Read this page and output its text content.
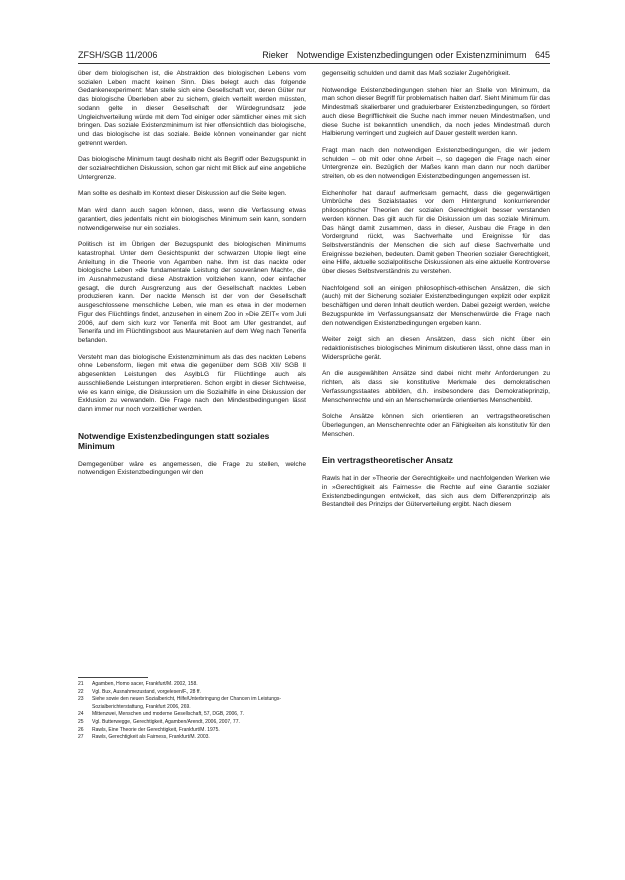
ZFSH/SGB 11/2006	Rieker Notwendige Existenzbedingungen oder Existenzminimum 645

über dem biologischen ist, die Abstraktion des biologischen Lebens vom sozialen Leben macht keinen Sinn. Dies belegt auch das folgende Gedankenexperiment: Man stelle sich eine Gesellschaft vor, deren Güter nur das biologische Überleben aber zu sichern, gleich verteilt werden müssten, sodann gelte in dieser Gesellschaft der Würdegrundsatz jede Ungleichverteilung würde mit dem Tod einiger oder sämtlicher eines mit sich bringen. Das soziale Existenzminimum ist hier offensichtlich das biologische, und das biologische ist das soziale. Beide können voneinander gar nicht getrennt werden.

Das biologische Minimum taugt deshalb nicht als Begriff oder Bezugspunkt in der sozialrechtlichen Diskussion, schon gar nicht mit Blick auf eine angebliche Untergrenze.

Man sollte es deshalb im Kontext dieser Diskussion auf die Seite legen.

Man wird dann auch sagen können, dass, wenn die Verfassung etwas garantiert, dies jedenfalls nicht ein biologisches Minimum sein kann, sondern notwendigerweise nur ein soziales.

Politisch ist im Übrigen der Bezugspunkt des biologischen Minimums katastrophal. Unter dem Gesichtspunkt der schwarzen Utopie liegt eine Anleitung in die Theorie von Agamben nahe. Ihm ist das nackte oder biologische Leben »die fundamentale Leistung der souveränen Macht«, die im Ausnahmezustand diese Abstraktion vollziehen kann, oder einfacher gesagt, die durch Ausgrenzung aus der Gesellschaft nacktes Leben produzieren kann. Der nackte Mensch ist der von der Gesellschaft ausgeschlossene menschliche Leben, wie man es etwa in der modernen Figur des Flüchtlings findet, anzusehen in einem Zoo in »Die ZEIT« vom Juli 2006, auf dem sich kurz vor Tenerifa mit Boot am Ufer gestrandet, auf Tenerifa und im Flüchtlingsboot aus Mauretanien auf dem Weg nach Tenerifa befanden.

Versteht man das biologische Existenzminimum als das des nackten Lebens ohne Lebensform, liegen mit etwa die gegenüber dem SGB XII/ SGB II abgesenkten Leistungen des AsylbLG für Flüchtlinge auch als ausschließende Leistungen interpretieren. Schon ergibt in dieser Sichtweise, wie es kann einige, die Diskussion um die Sozialhilfe in eine Diskussion der Exklusion zu verwandeln. Die Frage nach den Mindestbedingungen lässt dann immer nur noch vorzeitlicher werden.

Notwendige Existenzbedingungen statt soziales Minimum

Demgegenüber wäre es angemessen, die Frage zu stellen, welche notwendigen Existenzbedingungen wir den

21	Agamben, Homo sacer, Frankfurt/M. 2002, 158.
22	Vgl. Bux, Ausnahmezustand, vorgelesen/F., 28 ff.
23	Siehe sowie den neuen Sozialbericht, Hilfe/Unterbringung der Chancen im Leistungs-Sozialberichterstattung, Frankfurt 2006, 269.
24	Mittenzwei, Menschen und moderne Gesellschaft, 57, DGB, 2006, 7.
25	Vgl. Butterwegge, Gerechtigkeit, Agamben/Arendt, 2006, 2007, 77.
26	Rawls, Eine Theorie der Gerechtigkeit, Frankfurt/M. 1975.
27	Rawls, Gerechtigkeit als Fairness, Frankfurt/M. 2003.

gegenseitig schulden und damit das Maß sozialer Zugehörigkeit.

Notwendige Existenzbedingungen stehen hier an Stelle von Minimum, da man schon dieser Begriff für problematisch halten darf. Sieht Minimum für das Mindestmaß skalierbarer und graduierbarer Existenzbedingungen, so fördert auch diese Begrifflichkeit die Suche nach immer neuen Mindestmaßen, und diese Suche ist bekanntlich unendlich, da noch jedes Mindestmaß durch Halbierung verringert und zugleich auf Dauer gestellt werden kann.

Fragt man nach den notwendigen Existenzbedingungen, die wir jedem schulden – ob mit oder ohne Arbeit –, so dagegen die Frage nach einer Untergrenze ein. Bezüglich der Maßes kann man dann nur noch darüber streiten, ob es den notwendigen Existenzbedingungen angemessen ist.

Eichenhofer hat darauf aufmerksam gemacht, dass die gegenwärtigen Umbrüche des Sozialstaates vor dem Hintergrund konkurrierender philosophischer Theorien der sozialen Gerechtigkeit besser verstanden werden können. Das gilt auch für die Diskussion um das soziale Minimum. Das hängt damit zusammen, dass in dieser, Ausbau die Frage in den Vordergrund rückt, was Sachverhalte und Ereignisse für das Selbstverständnis der Menschen die sich auf diese Sachverhalte und Ereignisse beziehen, bedeuten. Damit geben Theorien sozialer Gerechtigkeit, eine Hilfe, aktuelle sozialpolitische Diskussionen als eine aktuelle Kontroverse über dieses Selbstverständnis zu verstehen.

Nachfolgend soll an einigen philosophisch-ethischen Ansätzen, die sich (auch) mit der Sicherung sozialer Existenzbedingungen explizit oder explizit beschäftigen und deren Inhalt deutlich werden. Dabei gezeigt werden, welche Bezugspunkte im Verfassungsansatz der Menschenwürde die Frage nach den notwendigen Existenzbedingungen ergeben kann.

Weiter zeigt sich an diesen Ansätzen, dass sich nicht über ein redaktionistisches biologisches Minimum diskutieren lässt, ohne dass man in Widersprüche gerät.

An die ausgewählten Ansätze sind dabei nicht mehr Anforderungen zu richten, als dass sie konstitutive Merkmale des demokratischen Verfassungsstaates abbilden, d.h. insbesondere das Demokratieprinzip, Menschenrechte und ein an Menschenwürde orientiertes Menschenbild.

Solche Ansätze können sich orientieren an vertragstheoretischen Überlegungen, an Menschenrechte oder an Fähigkeiten als konstitutiv für den Menschen.

Ein vertragstheoretischer Ansatz

Rawls hat in der »Theorie der Gerechtigkeit« und nachfolgenden Werken wie in »Gerechtigkeit als Fairness« die Rechte auf eine Garantie sozialer Existenzbedingungen entwickelt, das sich aus dem Differenzprinzip als Bestandteil des Prinzips der Güterverteilung ergibt. Nach diesem
